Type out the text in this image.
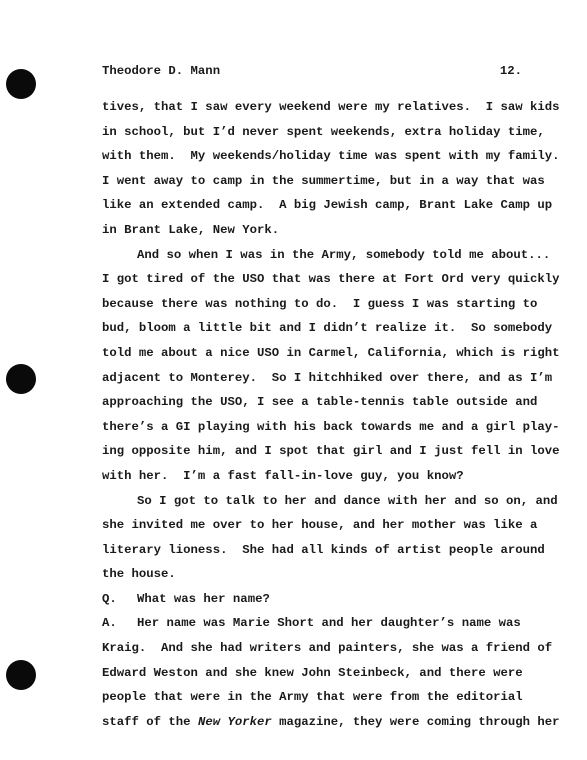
Theodore D. Mann	12.
tives, that I saw every weekend were my relatives.  I saw kids
in school, but I’d never spent weekends, extra holiday time,
with them.  My weekends/holiday time was spent with my family.
I went away to camp in the summertime, but in a way that was
like an extended camp.  A big Jewish camp, Brant Lake Camp up
in Brant Lake, New York.
And so when I was in the Army, somebody told me about...
I got tired of the USO that was there at Fort Ord very quickly
because there was nothing to do.  I guess I was starting to
bud, bloom a little bit and I didn’t realize it.  So somebody
told me about a nice USO in Carmel, California, which is right
adjacent to Monterey.  So I hitchhiked over there, and as I’m
approaching the USO, I see a table-tennis table outside and
there’s a GI playing with his back towards me and a girl play-
ing opposite him, and I spot that girl and I just fell in love
with her.  I’m a fast fall-in-love guy, you know?
So I got to talk to her and dance with her and so on, and
she invited me over to her house, and her mother was like a
literary lioness.  She had all kinds of artist people around
the house.
Q. What was her name?
A. Her name was Marie Short and her daughter’s name was
Kraig.  And she had writers and painters, she was a friend of
Edward Weston and she knew John Steinbeck, and there were
people that were in the Army that were from the editorial
staff of the New Yorker magazine, they were coming through her
